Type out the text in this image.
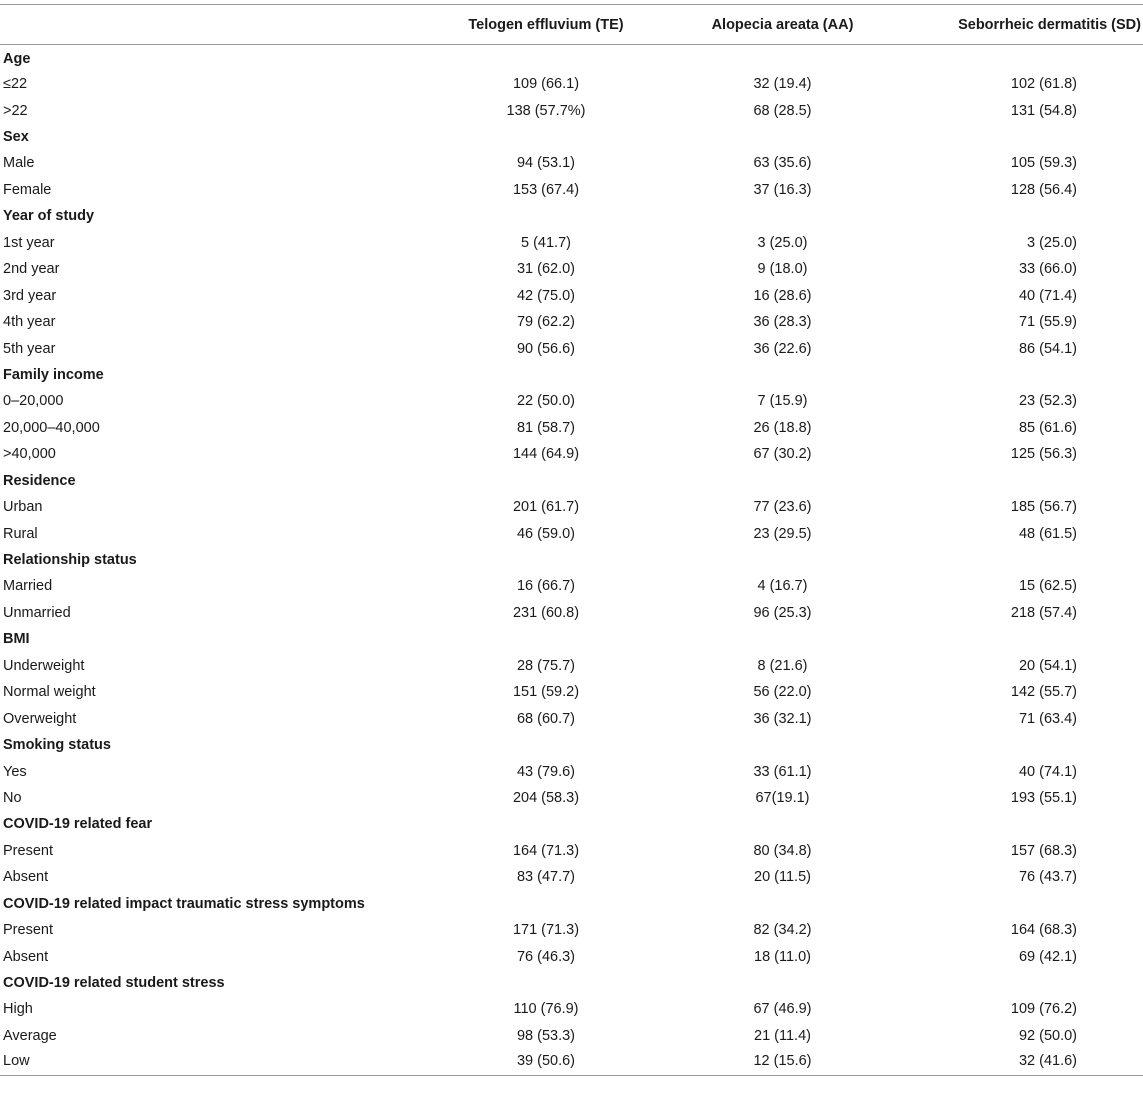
	Telogen effluvium (TE)	Alopecia areata (AA)	Seborrheic dermatitis (SD)
Age			
≤22	109 (66.1)	32 (19.4)	102 (61.8)
>22	138 (57.7%)	68 (28.5)	131 (54.8)
Sex			
Male	94 (53.1)	63 (35.6)	105 (59.3)
Female	153 (67.4)	37 (16.3)	128 (56.4)
Year of study			
1st year	5 (41.7)	3 (25.0)	3 (25.0)
2nd year	31 (62.0)	9 (18.0)	33 (66.0)
3rd year	42 (75.0)	16 (28.6)	40 (71.4)
4th year	79 (62.2)	36 (28.3)	71 (55.9)
5th year	90 (56.6)	36 (22.6)	86 (54.1)
Family income			
0–20,000	22 (50.0)	7 (15.9)	23 (52.3)
20,000–40,000	81 (58.7)	26 (18.8)	85 (61.6)
>40,000	144 (64.9)	67 (30.2)	125 (56.3)
Residence			
Urban	201 (61.7)	77 (23.6)	185 (56.7)
Rural	46 (59.0)	23 (29.5)	48 (61.5)
Relationship status			
Married	16 (66.7)	4 (16.7)	15 (62.5)
Unmarried	231 (60.8)	96 (25.3)	218 (57.4)
BMI			
Underweight	28 (75.7)	8 (21.6)	20 (54.1)
Normal weight	151 (59.2)	56 (22.0)	142 (55.7)
Overweight	68 (60.7)	36 (32.1)	71 (63.4)
Smoking status			
Yes	43 (79.6)	33 (61.1)	40 (74.1)
No	204 (58.3)	67(19.1)	193 (55.1)
COVID-19 related fear			
Present	164 (71.3)	80 (34.8)	157 (68.3)
Absent	83 (47.7)	20 (11.5)	76 (43.7)
COVID-19 related impact traumatic stress symptoms			
Present	171 (71.3)	82 (34.2)	164 (68.3)
Absent	76 (46.3)	18 (11.0)	69 (42.1)
COVID-19 related student stress			
High	110 (76.9)	67 (46.9)	109 (76.2)
Average	98 (53.3)	21 (11.4)	92 (50.0)
Low	39 (50.6)	12 (15.6)	32 (41.6)
